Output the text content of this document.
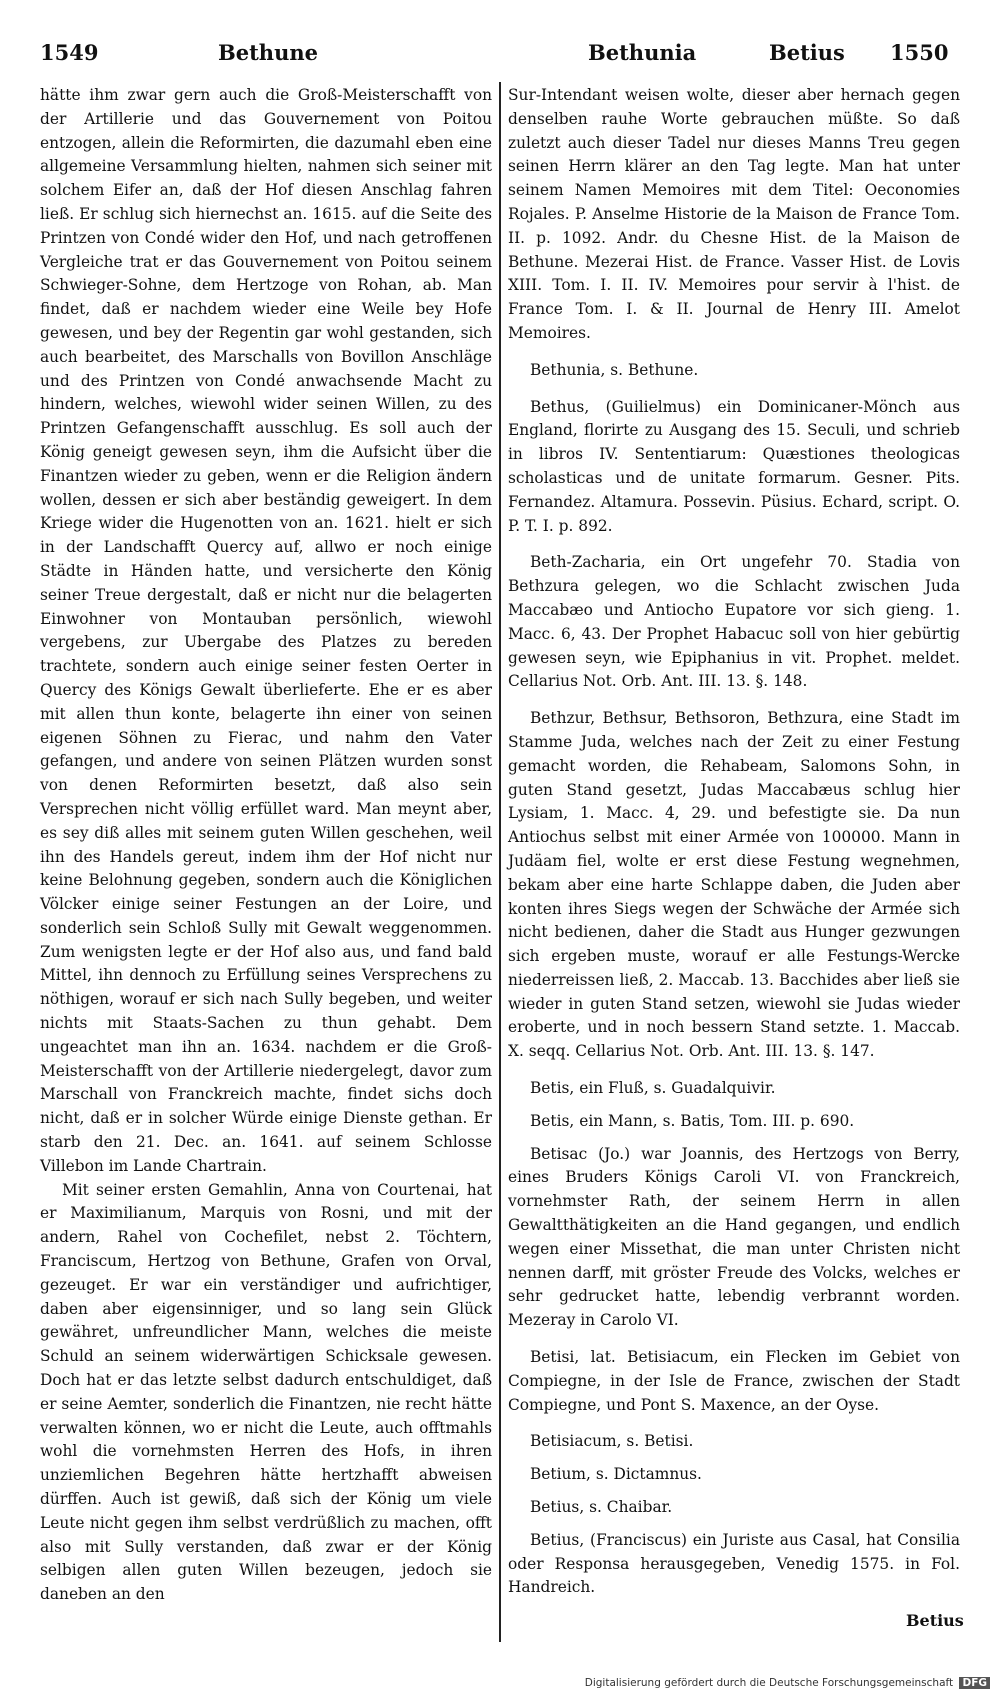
1549	Bethune	Bethunia	Betius 1550

hätte ihm zwar gern auch die Groß-Meisterschafft von der Artillerie und das Gouvernement von Poitou entzogen, allein die Reformirten, die dazumahl eben eine allgemeine Versammlung hielten, nahmen sich seiner mit solchem Eifer an, daß der Hof diesen Anschlag fahren ließ. Er schlug sich hiernechst an. 1615. auf die Seite des Printzen von Condé wider den Hof, und nach getroffenen Vergleiche trat er das Gouvernement von Poitou seinem Schwieger-Sohne, dem Hertzoge von Rohan, ab. Man findet, daß er nachdem wieder eine Weile bey Hofe gewesen, und bey der Regentin gar wohl gestanden, sich auch bearbeitet, des Marschalls von Bovillon Anschläge und des Printzen von Condé anwachsende Macht zu hindern, welches, wiewohl wider seinen Willen, zu des Printzen Gefangenschafft ausschlug. Es soll auch der König geneigt gewesen seyn, ihm die Aufsicht über die Finantzen wieder zu geben, wenn er die Religion ändern wollen, dessen er sich aber beständig geweigert. In dem Kriege wider die Hugenotten von an. 1621. hielt er sich in der Landschafft Quercy auf, allwo er noch einige Städte in Händen hatte, und versicherte den König seiner Treue dergestalt, daß er nicht nur die belagerten Einwohner von Montauban persönlich, wiewohl vergebens, zur Ubergabe des Platzes zu bereden trachtete, sondern auch einige seiner festen Oerter in Quercy des Königs Gewalt überlieferte. Ehe er es aber mit allen thun konte, belagerte ihn einer von seinen eigenen Söhnen zu Fierac, und nahm den Vater gefangen, und andere von seinen Plätzen wurden sonst von denen Reformirten besetzt, daß also sein Versprechen nicht völlig erfüllet ward. Man meynt aber, es sey diß alles mit seinem guten Willen geschehen, weil ihn des Handels gereut, indem ihm der Hof nicht nur keine Belohnung gegeben, sondern auch die Königlichen Völcker einige seiner Festungen an der Loire, und sonderlich sein Schloß Sully mit Gewalt weggenommen. Zum wenigsten legte er der Hof also aus, und fand bald Mittel, ihn dennoch zu Erfüllung seines Versprechens zu nöthigen, worauf er sich nach Sully begeben, und weiter nichts mit Staats-Sachen zu thun gehabt. Dem ungeachtet man ihn an. 1634. nachdem er die Groß-Meisterschafft von der Artillerie niedergelegt, davor zum Marschall von Franckreich machte, findet sichs doch nicht, daß er in solcher Würde einige Dienste gethan. Er starb den 21. Dec. an. 1641. auf seinem Schlosse Villebon im Lande Chartrain.

Mit seiner ersten Gemahlin, Anna von Courtenai, hat er Maximilianum, Marquis von Rosni, und mit der andern, Rahel von Cochefilet, nebst 2. Töchtern, Franciscum, Hertzog von Bethune, Grafen von Orval, gezeuget. Er war ein verständiger und aufrichtiger, daben aber eigensinniger, und so lang sein Glück gewähret, unfreundlicher Mann, welches die meiste Schuld an seinem widerwärtigen Schicksale gewesen. Doch hat er das letzte selbst dadurch entschuldiget, daß er seine Aemter, sonderlich die Finantzen, nie recht hätte verwalten können, wo er nicht die Leute, auch offtmahls wohl die vornehmsten Herren des Hofs, in ihren unziemlichen Begehren hätte hertzhafft abweisen dürffen. Auch ist gewiß, daß sich der König um viele Leute nicht gegen ihm selbst verdrüßlich zu machen, offt also mit Sully verstanden, daß zwar er der König selbigen allen guten Willen bezeugen, jedoch sie daneben an den

Sur-Intendant weisen wolte, dieser aber hernach gegen denselben rauhe Worte gebrauchen müßte. So daß zuletzt auch dieser Tadel nur dieses Manns Treu gegen seinen Herrn klärer an den Tag legte. Man hat unter seinem Namen Memoires mit dem Titel: Oeconomies Rojales. P. Anselme Historie de la Maison de France Tom. II. p. 1092. Andr. du Chesne Hist. de la Maison de Bethune. Mezerai Hist. de France. Vasser Hist. de Lovis XIII. Tom. I. II. IV. Memoires pour servir à l'hist. de France Tom. I. & II. Journal de Henry III. Amelot Memoires.

Bethunia, s. Bethune.

Bethus, (Guilielmus) ein Dominicaner-Mönch aus England, florirte zu Ausgang des 15. Seculi, und schrieb in libros IV. Sententiarum: Quæstiones theologicas scholasticas und de unitate formarum. Gesner. Pits. Fernandez. Altamura. Possevin. Püsius. Echard, script. O. P. T. I. p. 892.

Beth-Zacharia, ein Ort ungefehr 70. Stadia von Bethzura gelegen, wo die Schlacht zwischen Juda Maccabæo und Antiocho Eupatore vor sich gieng. 1. Macc. 6, 43. Der Prophet Habacuc soll von hier gebürtig gewesen seyn, wie Epiphanius in vit. Prophet. meldet. Cellarius Not. Orb. Ant. III. 13. §. 148.

Bethzur, Bethsur, Bethsoron, Bethzura, eine Stadt im Stamme Juda, welches nach der Zeit zu einer Festung gemacht worden, die Rehabeam, Salomons Sohn, in guten Stand gesetzt, Judas Maccabæus schlug hier Lysiam, 1. Macc. 4, 29. und befestigte sie. Da nun Antiochus selbst mit einer Armée von 100000. Mann in Judäam fiel, wolte er erst diese Festung wegnehmen, bekam aber eine harte Schlappe daben, die Juden aber konten ihres Siegs wegen der Schwäche der Armée sich nicht bedienen, daher die Stadt aus Hunger gezwungen sich ergeben muste, worauf er alle Festungs-Wercke niederreissen ließ, 2. Maccab. 13. Bacchides aber ließ sie wieder in guten Stand setzen, wiewohl sie Judas wieder eroberte, und in noch bessern Stand setzte. 1. Maccab. X. seqq. Cellarius Not. Orb. Ant. III. 13. §. 147.

Betis, ein Fluß, s. Guadalquivir.

Betis, ein Mann, s. Batis, Tom. III. p. 690.

Betisac (Jo.) war Joannis, des Hertzogs von Berry, eines Bruders Königs Caroli VI. von Franckreich, vornehmster Rath, der seinem Herrn in allen Gewaltthätigkeiten an die Hand gegangen, und endlich wegen einer Missethat, die man unter Christen nicht nennen darff, mit gröster Freude des Volcks, welches er sehr gedrucket hatte, lebendig verbrannt worden. Mezeray in Carolo VI.

Betisi, lat. Betisiacum, ein Flecken im Gebiet von Compiegne, in der Isle de France, zwischen der Stadt Compiegne, und Pont S. Maxence, an der Oyse.

Betisiacum, s. Betisi.

Betium, s. Dictamnus.

Betius, s. Chaibar.

Betius, (Franciscus) ein Juriste aus Casal, hat Consilia oder Responsa herausgegeben, Venedig 1575. in Fol. Handreich.

Betius
Digitalisierung gefördert durch die Deutsche Forschungsgemeinschaft DFG
